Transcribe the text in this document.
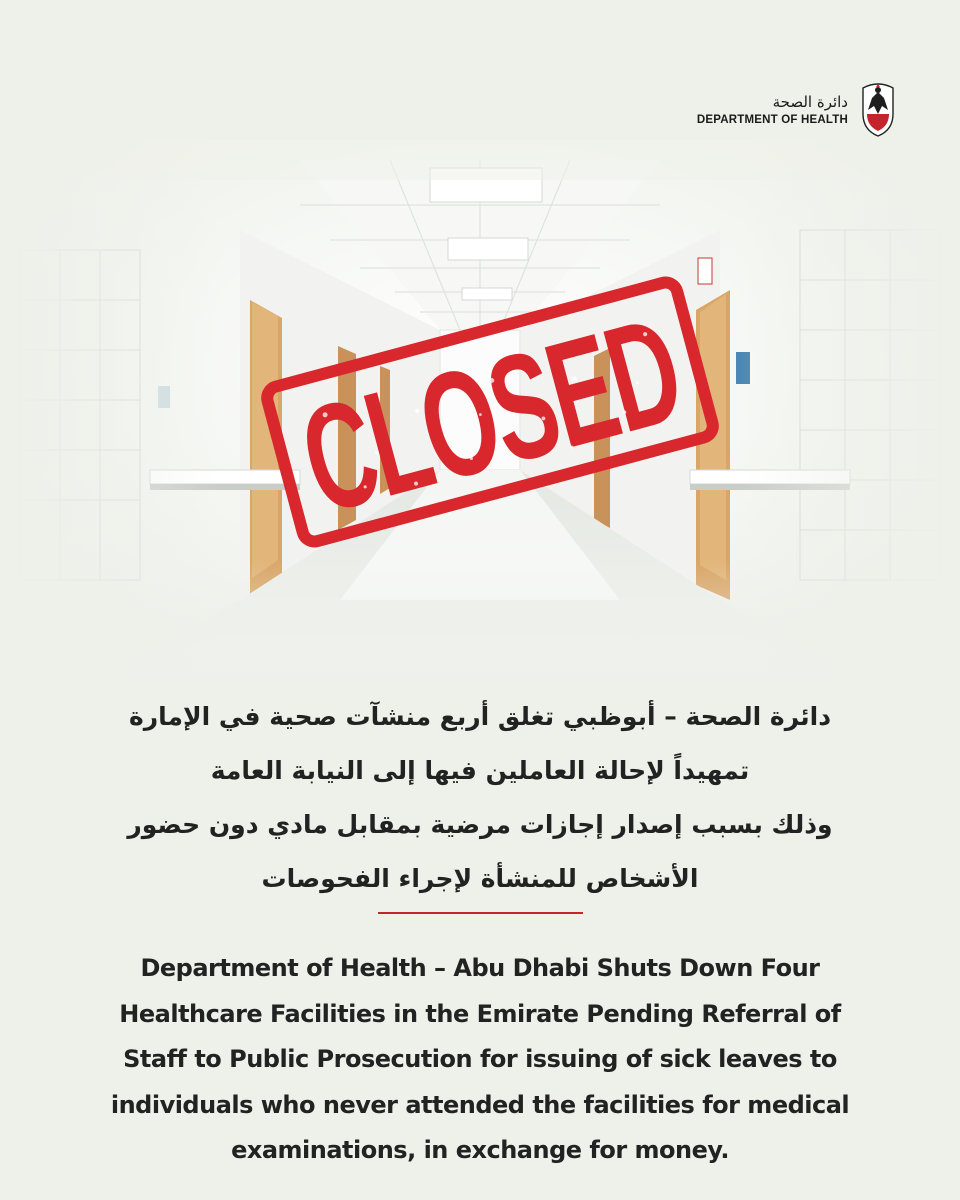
دائرة الصحة
DEPARTMENT OF HEALTH
CLOSED
دائرة الصحة – أبوظبي تغلق أربع منشآت صحية في الإمارة
تمهيداً لإحالة العاملين فيها إلى النيابة العامة
وذلك بسبب إصدار إجازات مرضية بمقابل مادي دون حضور
الأشخاص للمنشأة لإجراء الفحوصات
Department of Health – Abu Dhabi Shuts Down Four
Healthcare Facilities in the Emirate Pending Referral of
Staff to Public Prosecution for issuing of sick leaves to
individuals who never attended the facilities for medical
examinations, in exchange for money.
